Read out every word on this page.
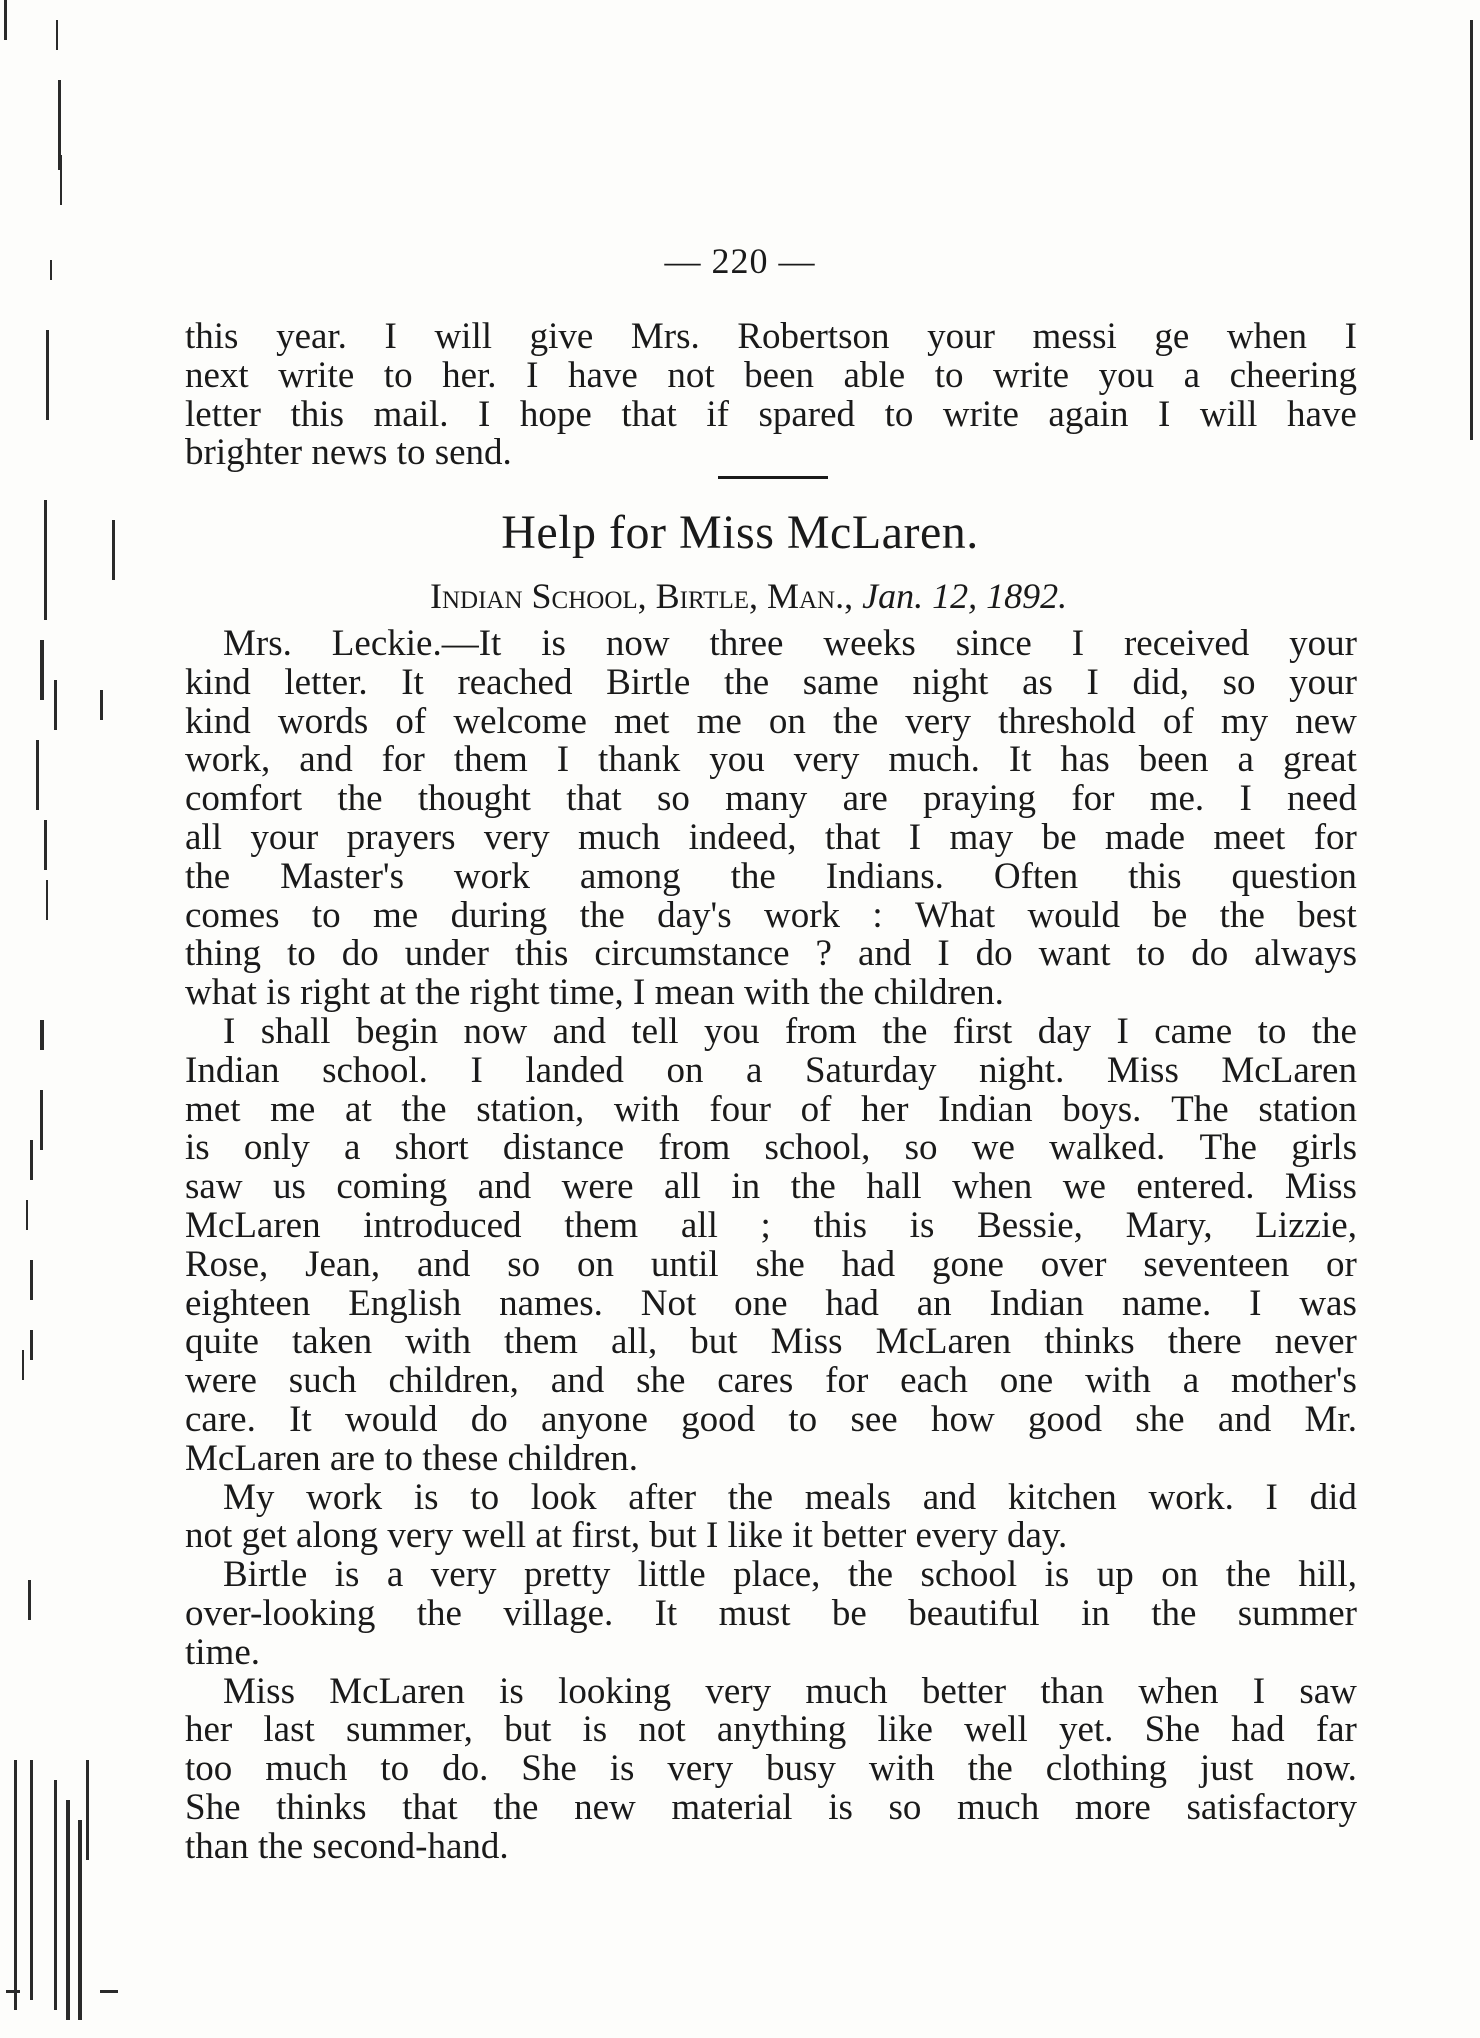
— 220 —
this year. I will give Mrs. Robertson your messi ge when I
next write to her. I have not been able to write you a cheering
letter this mail. I hope that if spared to write again I will have
brighter news to send.
Help for Miss McLaren.
Indian School, Birtle, Man., Jan. 12, 1892.
Mrs. Leckie.—It is now three weeks since I received your
kind letter. It reached Birtle the same night as I did, so your
kind words of welcome met me on the very threshold of my new
work, and for them I thank you very much. It has been a great
comfort the thought that so many are praying for me. I need
all your prayers very much indeed, that I may be made meet for
the Master's work among the Indians. Often this question
comes to me during the day's work : What would be the best
thing to do under this circumstance ? and I do want to do always
what is right at the right time, I mean with the children.
I shall begin now and tell you from the first day I came to the
Indian school. I landed on a Saturday night. Miss McLaren
met me at the station, with four of her Indian boys. The station
is only a short distance from school, so we walked. The girls
saw us coming and were all in the hall when we entered. Miss
McLaren introduced them all ; this is Bessie, Mary, Lizzie,
Rose, Jean, and so on until she had gone over seventeen or
eighteen English names. Not one had an Indian name. I was
quite taken with them all, but Miss McLaren thinks there never
were such children, and she cares for each one with a mother's
care. It would do anyone good to see how good she and Mr.
McLaren are to these children.
My work is to look after the meals and kitchen work. I did
not get along very well at first, but I like it better every day.
Birtle is a very pretty little place, the school is up on the hill,
over-looking the village. It must be beautiful in the summer
time.
Miss McLaren is looking very much better than when I saw
her last summer, but is not anything like well yet. She had far
too much to do. She is very busy with the clothing just now.
She thinks that the new material is so much more satisfactory
than the second-hand.
